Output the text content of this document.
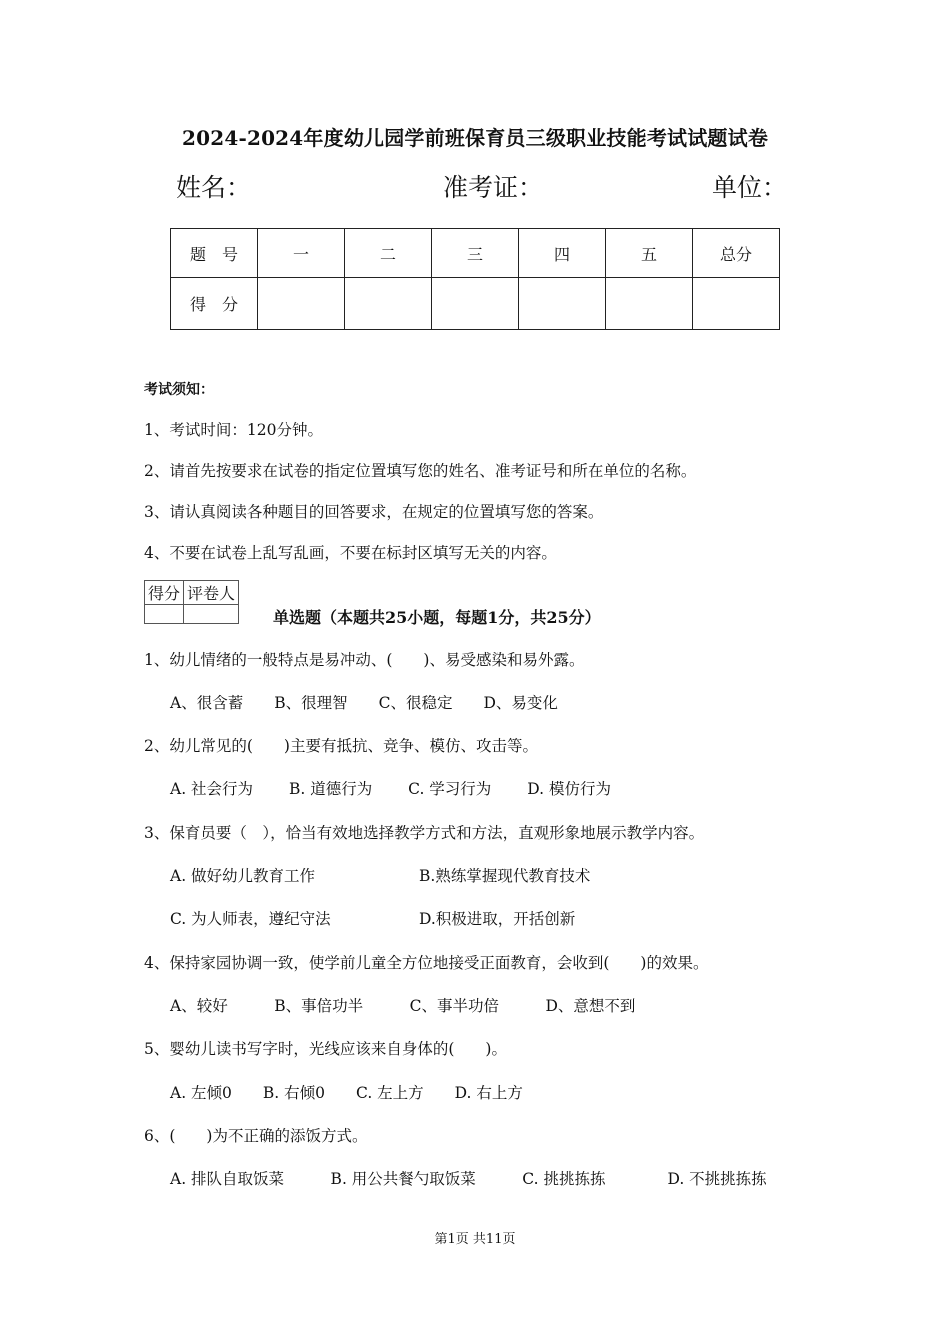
2024-2024年度幼儿园学前班保育员三级职业技能考试试题试卷
姓名：	准考证：	单位：
题　号	一	二	三	四	五	总分
得　分						
考试须知：
1、考试时间：120分钟。
2、请首先按要求在试卷的指定位置填写您的姓名、准考证号和所在单位的名称。
3、请认真阅读各种题目的回答要求，在规定的位置填写您的答案。
4、不要在试卷上乱写乱画，不要在标封区填写无关的内容。
得分	评卷人

单选题（本题共25小题，每题1分，共25分）
1、幼儿情绪的一般特点是易冲动、(　　)、易受感染和易外露。
A、很含蓄　　B、很理智　　C、很稳定　　D、易变化
2、幼儿常见的(　　)主要有抵抗、竞争、模仿、攻击等。
A. 社会行为　　 B. 道德行为　　 C. 学习行为　　 D. 模仿行为
3、保育员要（　），恰当有效地选择教学方式和方法，直观形象地展示教学内容。
A. 做好幼儿教育工作	B.熟练掌握现代教育技术
C. 为人师表，遵纪守法	D.积极进取，开括创新
4、保持家园协调一致，使学前儿童全方位地接受正面教育，会收到(　　)的效果。
A、较好　　　B、事倍功半　　　C、事半功倍　　　D、意想不到
5、婴幼儿读书写字时，光线应该来自身体的(　　)。
A. 左倾0　　B. 右倾0　　C. 左上方　　D. 右上方
6、(　　)为不正确的添饭方式。
A. 排队自取饭菜　　　B. 用公共餐勺取饭菜　　　C. 挑挑拣拣　　　　D. 不挑挑拣拣
第1页 共11页
